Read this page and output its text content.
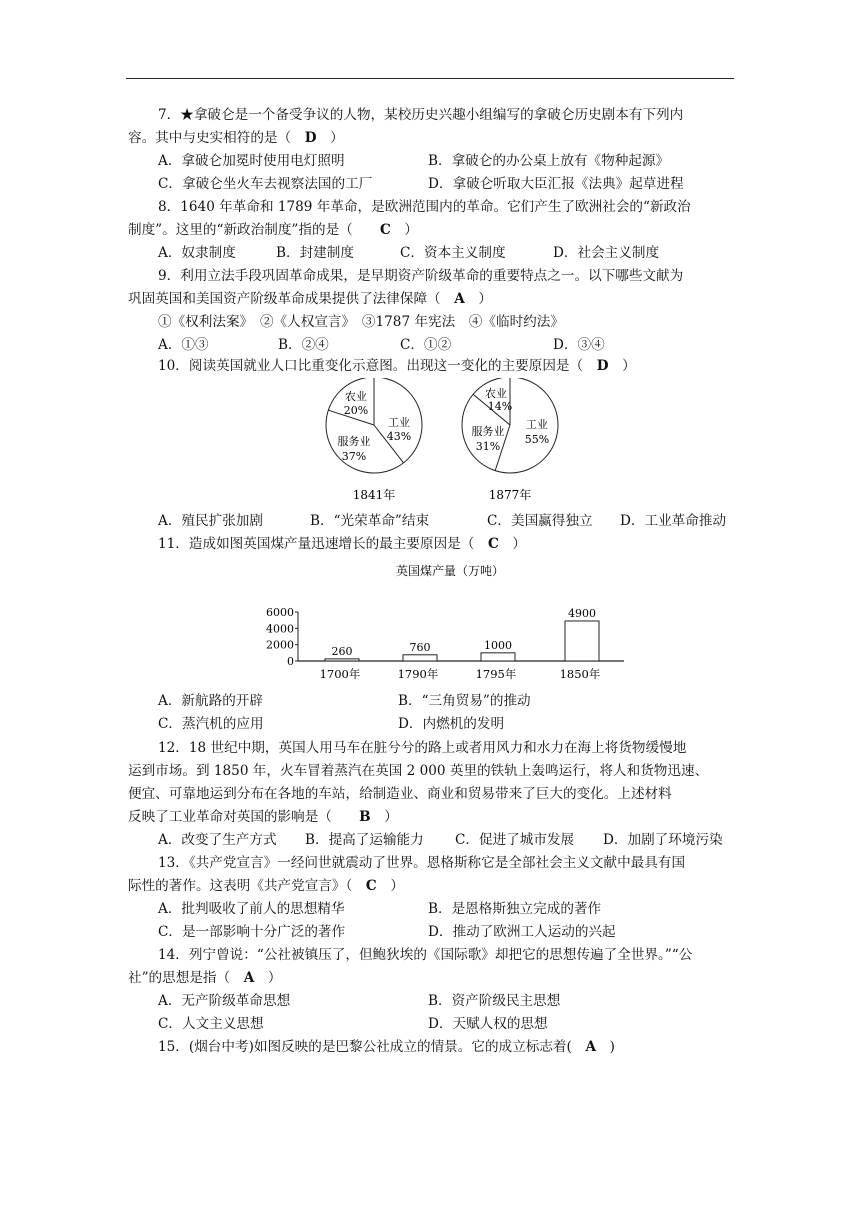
7．★拿破仑是一个备受争议的人物，某校历史兴趣小组编写的拿破仑历史剧本有下列内
容。其中与史实相符的是（　 D　 ）
A．拿破仑加冕时使用电灯照明	B．拿破仑的办公桌上放有《物种起源》
C．拿破仑坐火车去视察法国的工厂	D．拿破仑听取大臣汇报《法典》起草进程
8．1640 年革命和 1789 年革命，是欧洲范围内的革命。它们产生了欧洲社会的“新政治
制度”。这里的“新政治制度”指的是（　　 C　 ）
A．奴隶制度	B．封建制度	C．资本主义制度	D．社会主义制度
9．利用立法手段巩固革命成果，是早期资产阶级革命的重要特点之一。以下哪些文献为
巩固英国和美国资产阶级革命成果提供了法律保障（　 A　 ）
①《权利法案》　②《人权宣言》　③1787 年宪法　④《临时约法》
A．①③	B．②④	C．①②	D．③④
10．阅读英国就业人口比重变化示意图。出现这一变化的主要原因是（　 D　 ）
农业
20%
工业
43%
服务业
37%
1841年
农业
14%
工业
55%
服务业
31%
1877年
A．殖民扩张加剧	B．“光荣革命”结束	C．美国赢得独立	D．工业革命推动
11．造成如图英国煤产量迅速增长的最主要原因是（　 C　 ）
英国煤产量（万吨）
6000
4000
2000
0
260
1700年
760
1790年
1000
1795年
4900
1850年
A．新航路的开辟	B．“三角贸易”的推动
C．蒸汽机的应用	D．内燃机的发明
12．18 世纪中期，英国人用马车在脏兮兮的路上或者用风力和水力在海上将货物缓慢地
运到市场。到 1850 年，火车冒着蒸汽在英国 2 000 英里的铁轨上轰鸣运行，将人和货物迅速、
便宜、可靠地运到分布在各地的车站，给制造业、商业和贸易带来了巨大的变化。上述材料
反映了工业革命对英国的影响是（　　 B　 ）
A．改变了生产方式	B．提高了运输能力	C．促进了城市发展	D．加剧了环境污染
13．《共产党宣言》一经问世就震动了世界。恩格斯称它是全部社会主义文献中最具有国
际性的著作。这表明《共产党宣言》（　 C　 ）
A．批判吸收了前人的思想精华	B．是恩格斯独立完成的著作
C．是一部影响十分广泛的著作	D．推动了欧洲工人运动的兴起
14．列宁曾说：“公社被镇压了，但鲍狄埃的《国际歌》却把它的思想传遍了全世界。”“公
社”的思想是指（　 A　 ）
A．无产阶级革命思想	B．资产阶级民主思想
C．人文主义思想	D．天赋人权的思想
15．(烟台中考)如图反映的是巴黎公社成立的情景。它的成立标志着(　 A　 )
